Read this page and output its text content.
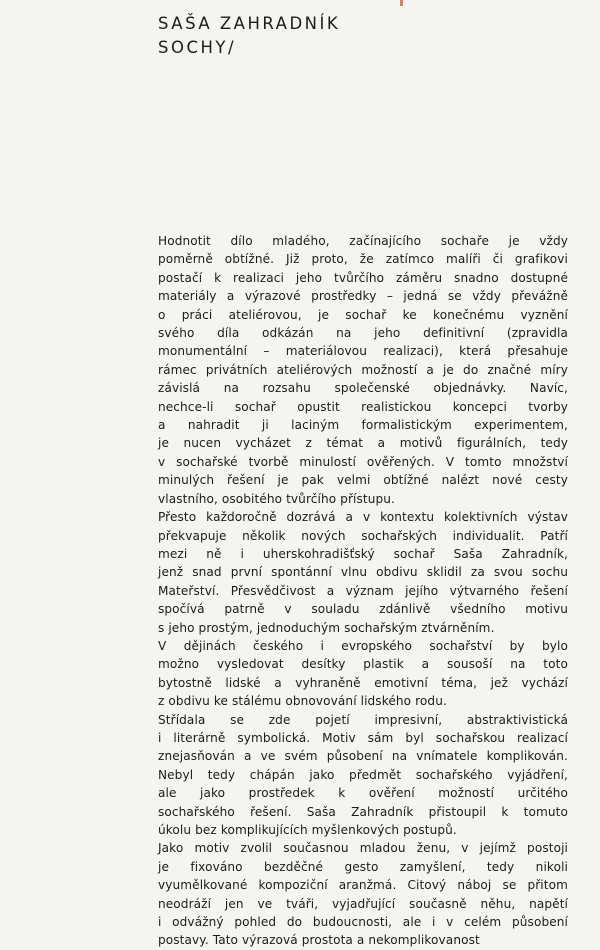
SAŠA ZAHRADNÍK
SOCHY/
Hodnotit dílo mladého, začínajícího sochaře je vždy
poměrně obtížné. Již proto, že zatímco malíři či grafikovi
postačí k realizaci jeho tvůrčího záměru snadno dostupné
materiály a výrazové prostředky – jedná se vždy převážně
o práci ateliérovou, je sochař ke konečnému vyznění
svého díla odkázán na jeho definitivní (zpravidla
monumentální – materiálovou realizaci), která přesahuje
rámec privátních ateliérových možností a je do značné míry
závislá na rozsahu společenské objednávky. Navíc,
nechce-li sochař opustit realistickou koncepci tvorby
a nahradit ji laciným formalistickým experimentem,
je nucen vycházet z témat a motivů figurálních, tedy
v sochařské tvorbě minulostí ověřených. V tomto množství
minulých řešení je pak velmi obtížné nalézt nové cesty
vlastního, osobitého tvůrčího přístupu.
Přesto každoročně dozrává a v kontextu kolektivních výstav
překvapuje několik nových sochařských individualit. Patří
mezi ně i uherskohradišťský sochař Saša Zahradník,
jenž snad první spontánní vlnu obdivu sklidil za svou sochu
Mateřství. Přesvědčivost a význam jejího výtvarného řešení
spočívá patrně v souladu zdánlivě všedního motivu
s jeho prostým, jednoduchým sochařským ztvárněním.
V dějinách českého i evropského sochařství by bylo
možno vysledovat desítky plastik a sousoší na toto
bytostně lidské a vyhraněně emotivní téma, jež vychází
z obdivu ke stálému obnovování lidského rodu.
Střídala se zde pojetí impresivní, abstraktivistická
i literárně symbolická. Motiv sám byl sochařskou realizací
znejasňován a ve svém působení na vnímatele komplikován.
Nebyl tedy chápán jako předmět sochařského vyjádření,
ale jako prostředek k ověření možností určitého
sochařského řešení. Saša Zahradník přistoupil k tomuto
úkolu bez komplikujících myšlenkových postupů.
Jako motiv zvolil současnou mladou ženu, v jejímž postoji
je fixováno bezděčné gesto zamyšlení, tedy nikoli
vyumělkované kompoziční aranžmá. Citový náboj se přitom
neodráží jen ve tváři, vyjadřující současně něhu, napětí
i odvážný pohled do budoucnosti, ale i v celém působení
postavy. Tato výrazová prostota a nekomplikovanost
